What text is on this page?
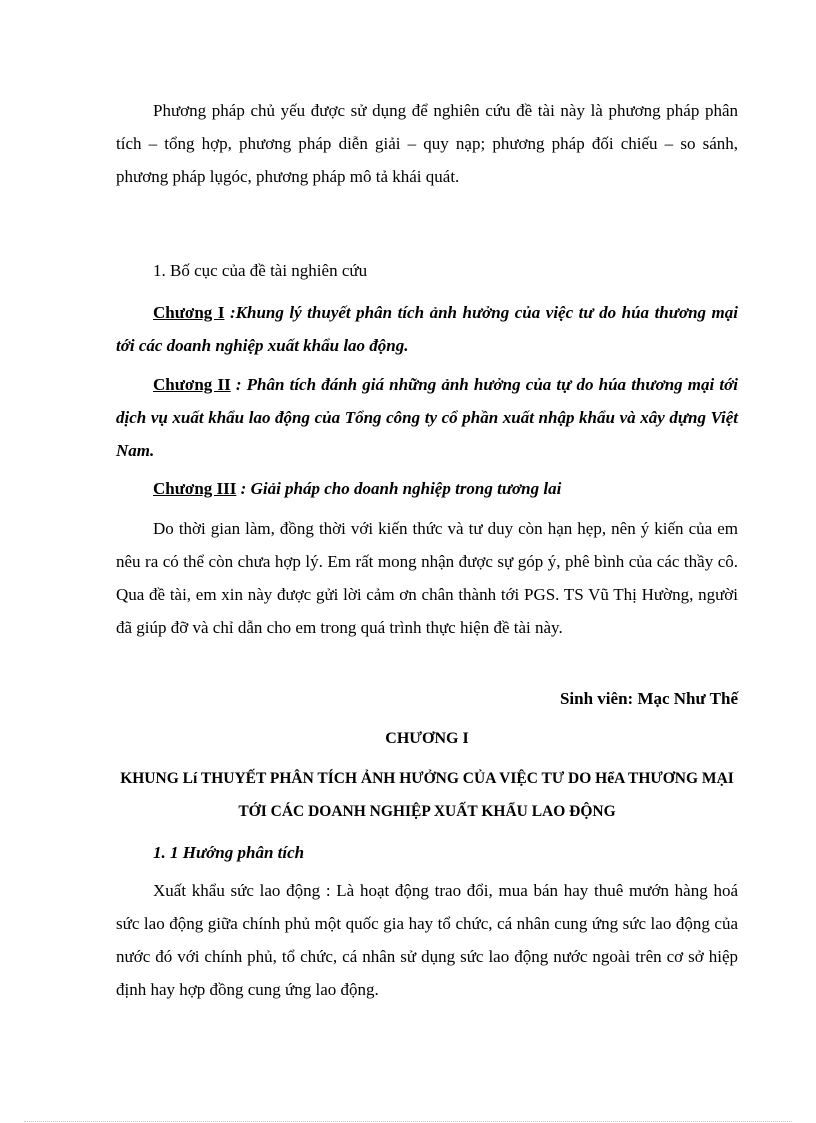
Phương pháp chủ yếu được sử dụng để nghiên cứu đề tài này là phương pháp phân tích – tổng hợp, phương pháp diễn giải – quy nạp; phương pháp đối chiếu – so sánh, phương pháp lụgóc, phương pháp mô tả khái quát.

1. Bố cục của đề tài nghiên cứu

Chương I :Khung lý thuyết phân tích ảnh hưởng của việc tư do húa thương mại tới các doanh nghiệp xuất khẩu lao động.

Chương II : Phân tích đánh giá những ảnh hưởng của tự do húa thương mại tới dịch vụ xuất khẩu lao động của Tổng công ty cổ phần xuất nhập khẩu và xây dựng Việt Nam.

Chương III : Giải pháp cho doanh nghiệp trong tương lai

Do thời gian làm, đồng thời với kiến thức và tư duy còn hạn hẹp, nên ý kiến của em nêu ra có thể còn chưa hợp lý. Em rất mong nhận được sự góp ý, phê bình của các thầy cô. Qua đề tài, em xin này được gửi lời cảm ơn chân thành tới PGS. TS Vũ Thị Hường, người đã giúp đỡ và chỉ dẫn cho em trong quá trình thực hiện đề tài này.

Sinh viên: Mạc Như Thế

CHƯƠNG I

KHUNG Lí THUYẾT PHÂN TÍCH ẢNH HƯỞNG CỦA VIỆC TƯ DO HểA THƯƠNG MẠI TỚI CÁC DOANH NGHIỆP XUẤT KHẨU LAO ĐỘNG

1. 1 Hướng phân tích

Xuất khẩu sức lao động : Là hoạt động trao đổi, mua bán hay thuê mướn hàng hoá sức lao động giữa chính phủ một quốc gia hay tổ chức, cá nhân cung ứng sức lao động của nước đó với chính phủ, tổ chức, cá nhân sử dụng sức lao động nước ngoài trên cơ sở hiệp định hay hợp đồng cung ứng lao động.
